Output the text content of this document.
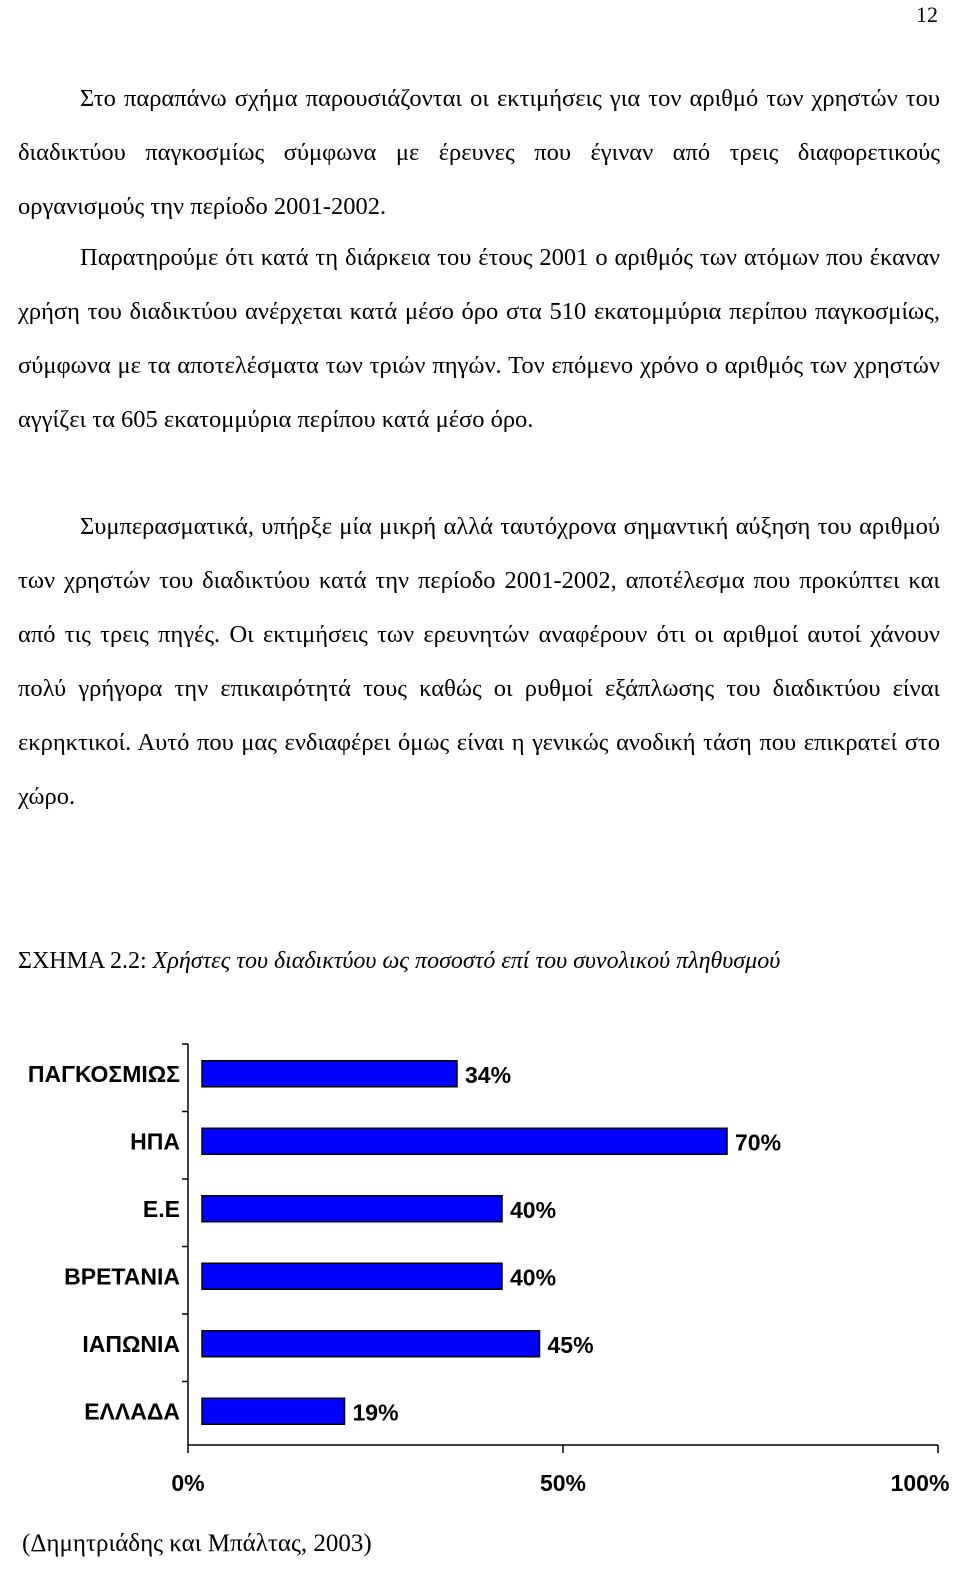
12

Στο παραπάνω σχήμα παρουσιάζονται οι εκτιμήσεις για τον αριθμό των χρηστών του διαδικτύου παγκοσμίως σύμφωνα με έρευνες που έγιναν από τρεις διαφορετικούς οργανισμούς την περίοδο 2001-2002.

Παρατηρούμε ότι κατά τη διάρκεια του έτους 2001 ο αριθμός των ατόμων που έκαναν χρήση του διαδικτύου ανέρχεται κατά μέσο όρο στα 510 εκατομμύρια περίπου παγκοσμίως, σύμφωνα με τα αποτελέσματα των τριών πηγών. Τον επόμενο χρόνο ο αριθμός των χρηστών αγγίζει τα 605 εκατομμύρια περίπου κατά μέσο όρο.

Συμπερασματικά, υπήρξε μία μικρή αλλά ταυτόχρονα σημαντική αύξηση του αριθμού των χρηστών του διαδικτύου κατά την περίοδο 2001-2002, αποτέλεσμα που προκύπτει και από τις τρεις πηγές. Οι εκτιμήσεις των ερευνητών αναφέρουν ότι οι αριθμοί αυτοί χάνουν πολύ γρήγορα την επικαιρότητά τους καθώς οι ρυθμοί εξάπλωσης του διαδικτύου είναι εκρηκτικοί. Αυτό που μας ενδιαφέρει όμως είναι η γενικώς ανοδική τάση που επικρατεί στο χώρο.

ΣΧΗΜΑ 2.2: Χρήστες του διαδικτύου ως ποσοστό επί του συνολικού πληθυσμού
ΠΑΓΚΟΣΜΙΩΣ	34%
ΗΠΑ	70%
Ε.Ε	40%
ΒΡΕΤΑΝΙΑ	40%
ΙΑΠΩΝΙΑ	45%
ΕΛΛΑΔΑ	19%
0%	50%	100%
(Δημητριάδης και Μπάλτας, 2003)
